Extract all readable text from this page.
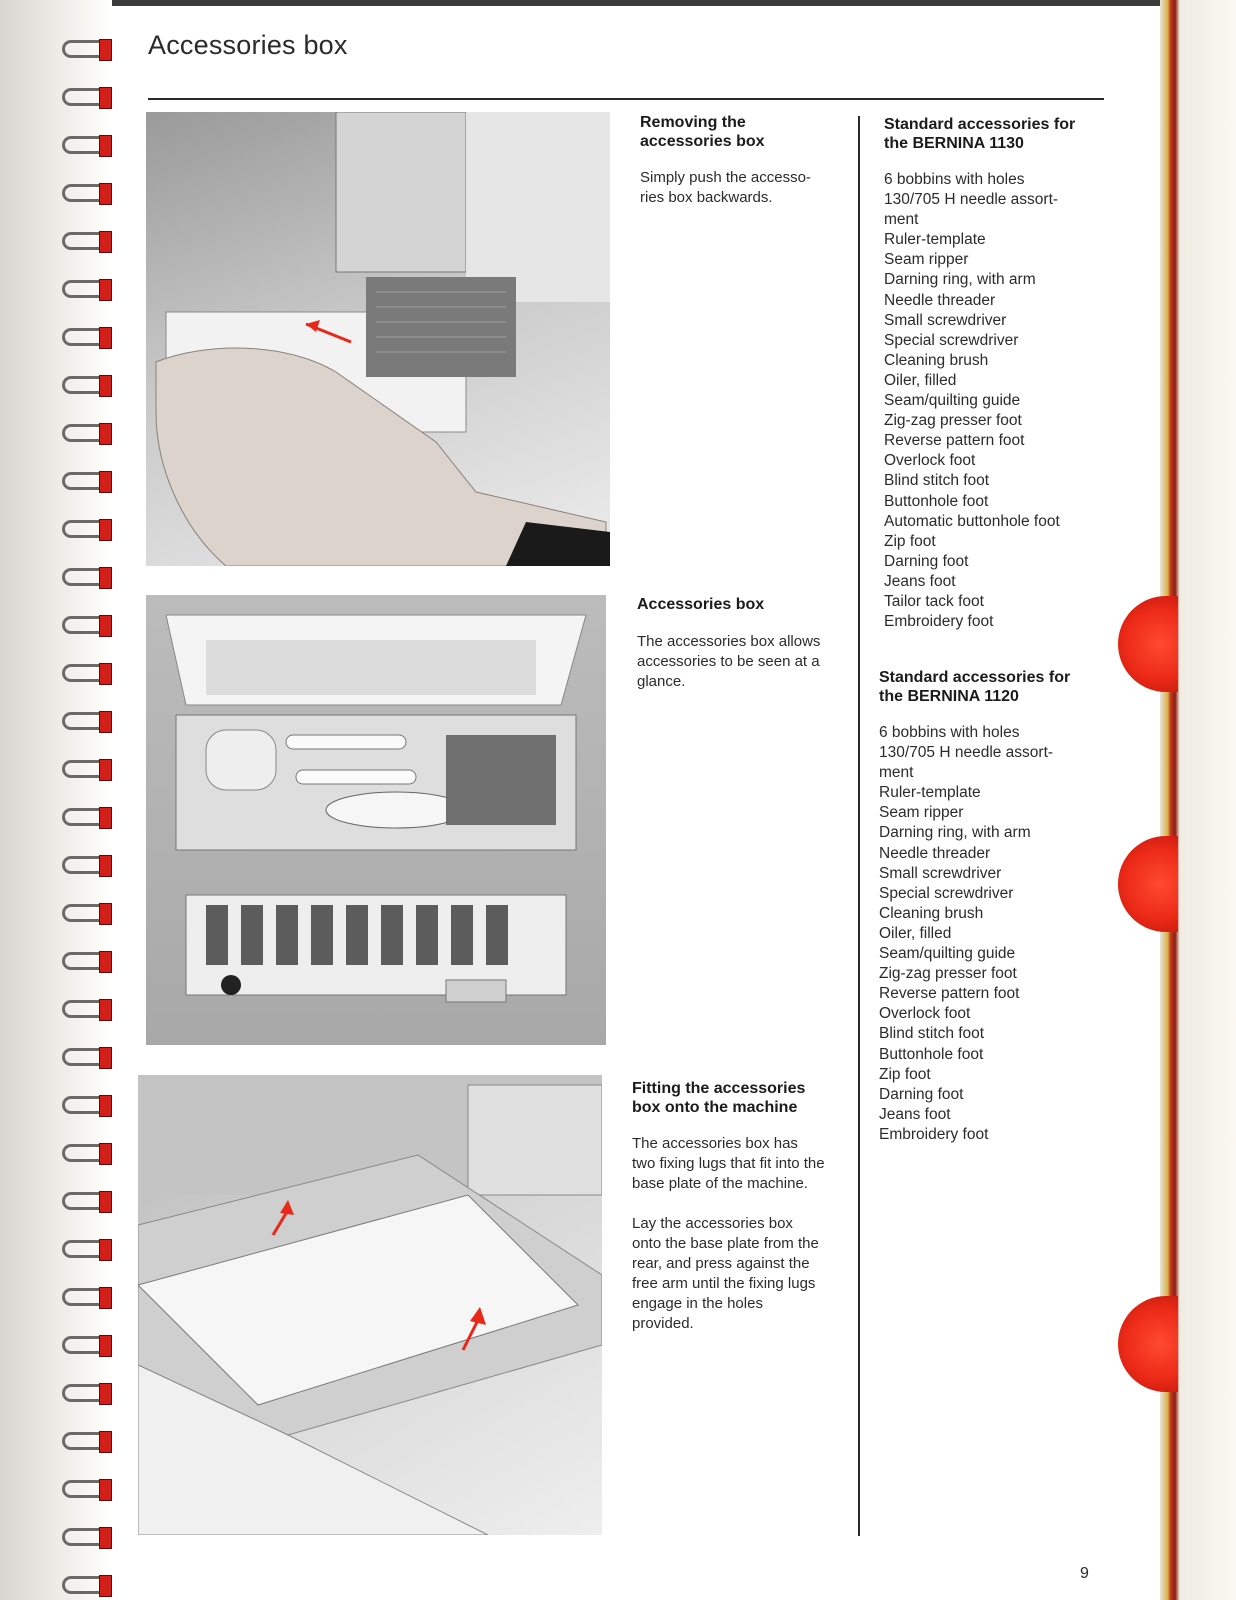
Accessories box
Removing the
accessories box

Simply push the accesso-
ries box backwards.

Accessories box

The accessories box allows
accessories to be seen at a
glance.

Fitting the accessories
box onto the machine

The accessories box has
two fixing lugs that fit into the
base plate of the machine.

Lay the accessories box
onto the base plate from the
rear, and press against the
free arm until the fixing lugs
engage in the holes
provided.

Standard accessories for
the BERNINA 1130
6 bobbins with holes
130/705 H needle assort-
ment
Ruler-template
Seam ripper
Darning ring, with arm
Needle threader
Small screwdriver
Special screwdriver
Cleaning brush
Oiler, filled
Seam/quilting guide
Zig-zag presser foot
Reverse pattern foot
Overlock foot
Blind stitch foot
Buttonhole foot
Automatic buttonhole foot
Zip foot
Darning foot
Jeans foot
Tailor tack foot
Embroidery foot
Standard accessories for
the BERNINA 1120
6 bobbins with holes
130/705 H needle assort-
ment
Ruler-template
Seam ripper
Darning ring, with arm
Needle threader
Small screwdriver
Special screwdriver
Cleaning brush
Oiler, filled
Seam/quilting guide
Zig-zag presser foot
Reverse pattern foot
Overlock foot
Blind stitch foot
Buttonhole foot
Zip foot
Darning foot
Jeans foot
Embroidery foot
9
